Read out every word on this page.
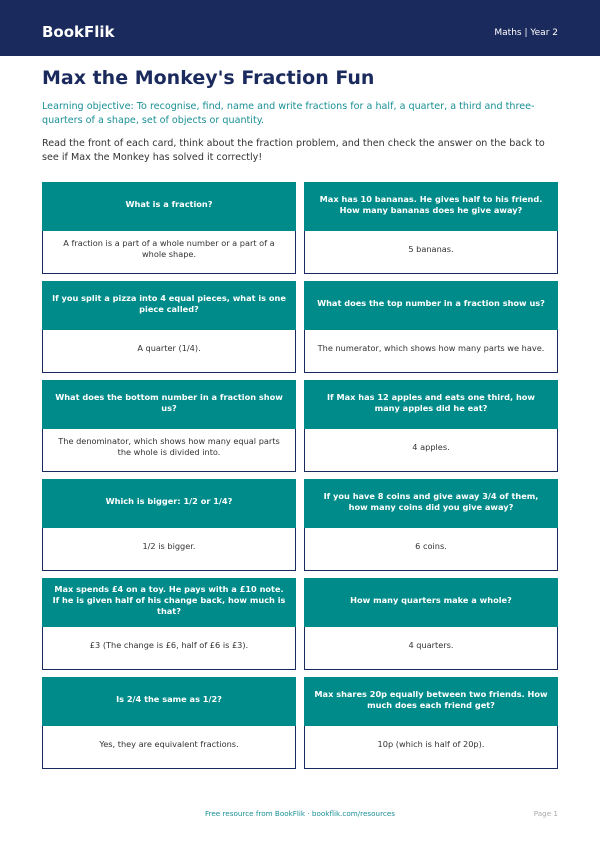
BookFlik	Maths | Year 2
Max the Monkey's Fraction Fun

Learning objective: To recognise, find, name and write fractions for a half, a quarter, a third and three-quarters of a shape, set of objects or quantity.

Read the front of each card, think about the fraction problem, and then check the answer on the back to see if Max the Monkey has solved it correctly!

What is a fraction?
A fraction is a part of a whole number or a part of a whole shape.
Max has 10 bananas. He gives half to his friend. How many bananas does he give away?
5 bananas.
If you split a pizza into 4 equal pieces, what is one piece called?
A quarter (1/4).
What does the top number in a fraction show us?
The numerator, which shows how many parts we have.
What does the bottom number in a fraction show us?
The denominator, which shows how many equal parts the whole is divided into.
If Max has 12 apples and eats one third, how many apples did he eat?
4 apples.
Which is bigger: 1/2 or 1/4?
1/2 is bigger.
If you have 8 coins and give away 3/4 of them, how many coins did you give away?
6 coins.
Max spends £4 on a toy. He pays with a £10 note. If he is given half of his change back, how much is that?
£3 (The change is £6, half of £6 is £3).
How many quarters make a whole?
4 quarters.
Is 2/4 the same as 1/2?
Yes, they are equivalent fractions.
Max shares 20p equally between two friends. How much does each friend get?
10p (which is half of 20p).
Free resource from BookFlik · bookflik.com/resources	Page 1
